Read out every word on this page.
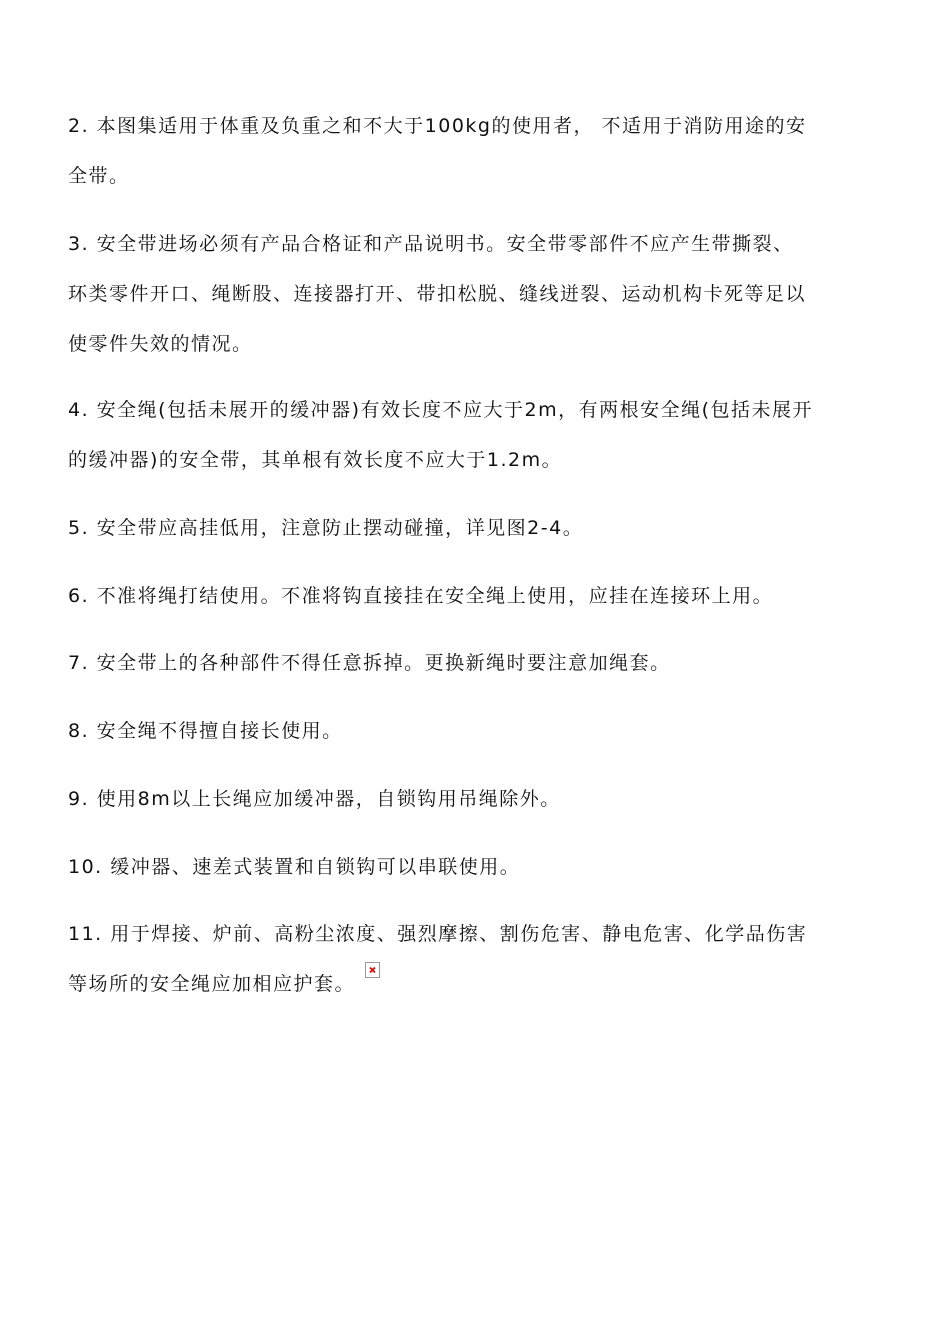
2. 本图集适用于体重及负重之和不大于100kg的使用者， 不适用于消防用途的安
全带。

3. 安全带进场必须有产品合格证和产品说明书。安全带零部件不应产生带撕裂、
环类零件开口、绳断股、连接器打开、带扣松脱、缝线迸裂、运动机构卡死等足以
使零件失效的情况。

4. 安全绳(包括未展开的缓冲器)有效长度不应大于2m，有两根安全绳(包括未展开
的缓冲器)的安全带，其单根有效长度不应大于1.2m。

5. 安全带应高挂低用，注意防止摆动碰撞，详见图2-4。

6. 不准将绳打结使用。不准将钩直接挂在安全绳上使用，应挂在连接环上用。

7. 安全带上的各种部件不得任意拆掉。更换新绳时要注意加绳套。

8. 安全绳不得擅自接长使用。

9. 使用8m以上长绳应加缓冲器，自锁钩用吊绳除外。

10. 缓冲器、速差式装置和自锁钩可以串联使用。

11. 用于焊接、炉前、高粉尘浓度、强烈摩擦、割伤危害、静电危害、化学品伤害
等场所的安全绳应加相应护套。
